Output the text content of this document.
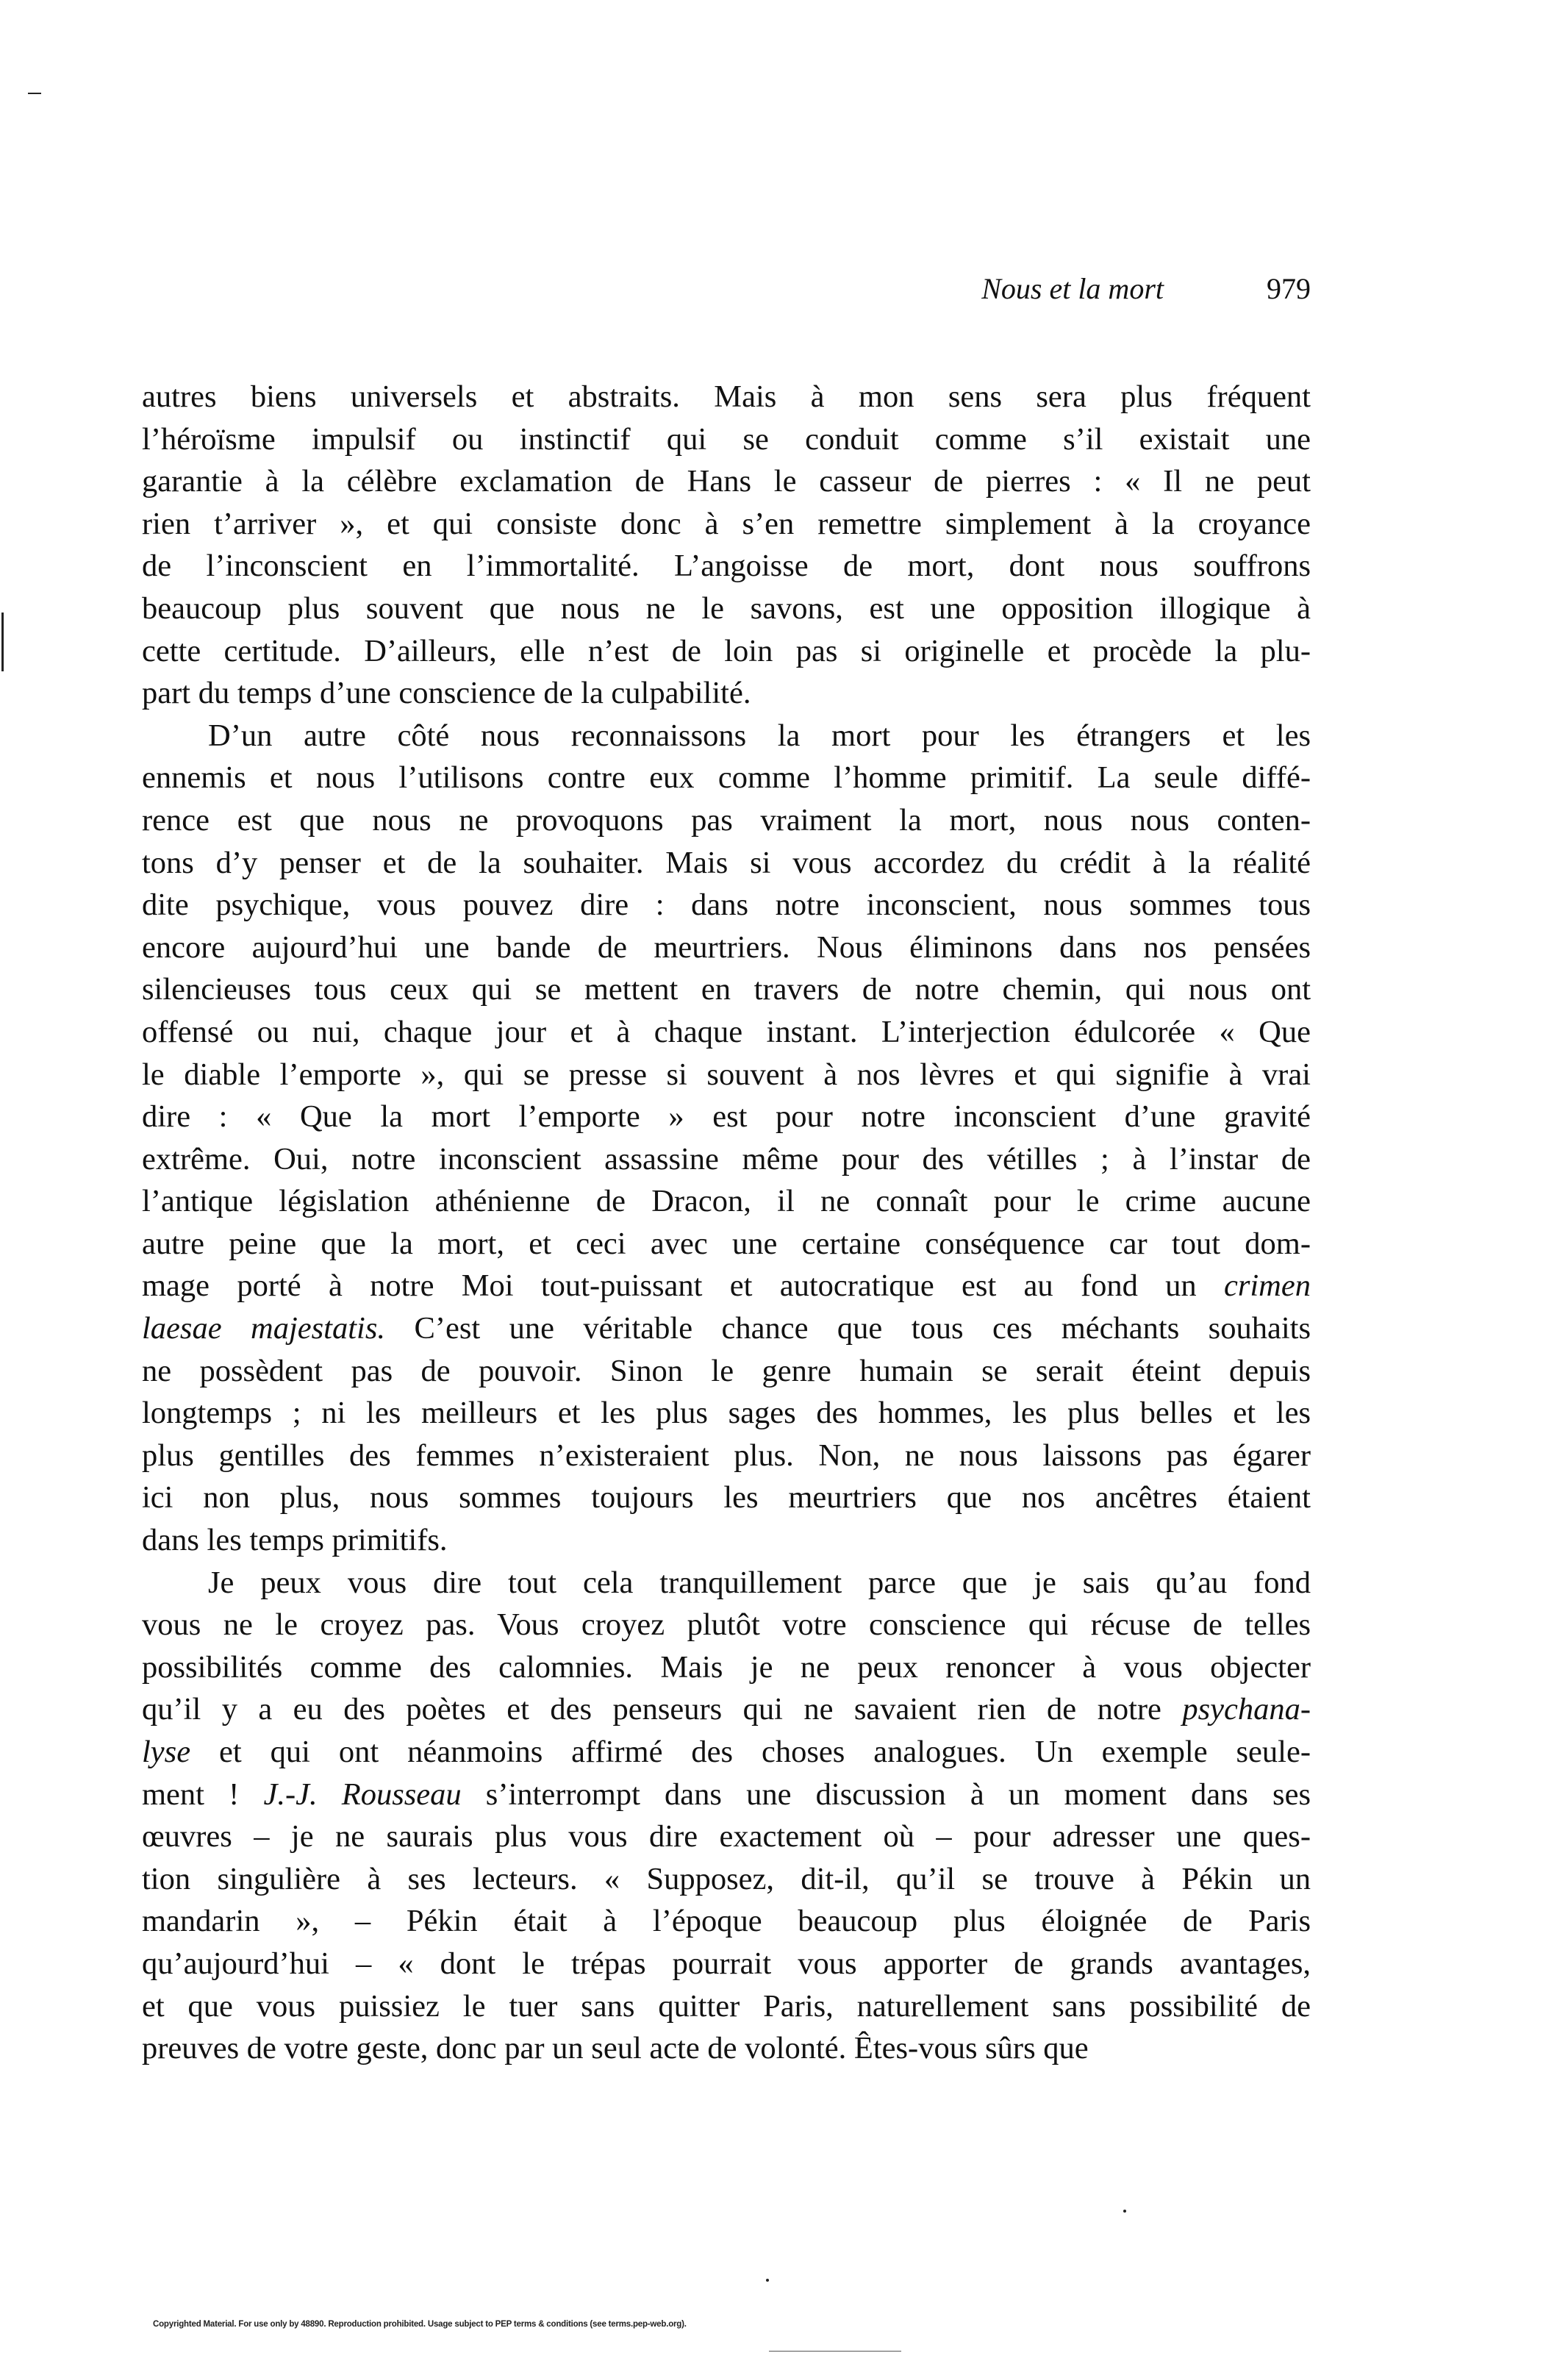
Nous et la mort	979

autres biens universels et abstraits. Mais à mon sens sera plus fréquent
l’héroïsme impulsif ou instinctif qui se conduit comme s’il existait une
garantie à la célèbre exclamation de Hans le casseur de pierres : « Il ne peut
rien t’arriver », et qui consiste donc à s’en remettre simplement à la croyance
de l’inconscient en l’immortalité. L’angoisse de mort, dont nous souffrons
beaucoup plus souvent que nous ne le savons, est une opposition illogique à
cette certitude. D’ailleurs, elle n’est de loin pas si originelle et procède la plu-
part du temps d’une conscience de la culpabilité.

D’un autre côté nous reconnaissons la mort pour les étrangers et les
ennemis et nous l’utilisons contre eux comme l’homme primitif. La seule diffé-
rence est que nous ne provoquons pas vraiment la mort, nous nous conten-
tons d’y penser et de la souhaiter. Mais si vous accordez du crédit à la réalité
dite psychique, vous pouvez dire : dans notre inconscient, nous sommes tous
encore aujourd’hui une bande de meurtriers. Nous éliminons dans nos pensées
silencieuses tous ceux qui se mettent en travers de notre chemin, qui nous ont
offensé ou nui, chaque jour et à chaque instant. L’interjection édulcorée « Que
le diable l’emporte », qui se presse si souvent à nos lèvres et qui signifie à vrai
dire : « Que la mort l’emporte » est pour notre inconscient d’une gravité
extrême. Oui, notre inconscient assassine même pour des vétilles ; à l’instar de
l’antique législation athénienne de Dracon, il ne connaît pour le crime aucune
autre peine que la mort, et ceci avec une certaine conséquence car tout dom-
mage porté à notre Moi tout-puissant et autocratique est au fond un crimen
laesae majestatis. C’est une véritable chance que tous ces méchants souhaits
ne possèdent pas de pouvoir. Sinon le genre humain se serait éteint depuis
longtemps ; ni les meilleurs et les plus sages des hommes, les plus belles et les
plus gentilles des femmes n’existeraient plus. Non, ne nous laissons pas égarer
ici non plus, nous sommes toujours les meurtriers que nos ancêtres étaient
dans les temps primitifs.

Je peux vous dire tout cela tranquillement parce que je sais qu’au fond
vous ne le croyez pas. Vous croyez plutôt votre conscience qui récuse de telles
possibilités comme des calomnies. Mais je ne peux renoncer à vous objecter
qu’il y a eu des poètes et des penseurs qui ne savaient rien de notre psychana-
lyse et qui ont néanmoins affirmé des choses analogues. Un exemple seule-
ment ! J.-J. Rousseau s’interrompt dans une discussion à un moment dans ses
œuvres – je ne saurais plus vous dire exactement où – pour adresser une ques-
tion singulière à ses lecteurs. « Supposez, dit-il, qu’il se trouve à Pékin un
mandarin », – Pékin était à l’époque beaucoup plus éloignée de Paris
qu’aujourd’hui – « dont le trépas pourrait vous apporter de grands avantages,
et que vous puissiez le tuer sans quitter Paris, naturellement sans possibilité de
preuves de votre geste, donc par un seul acte de volonté. Êtes-vous sûrs que

Copyrighted Material. For use only by 48890. Reproduction prohibited. Usage subject to PEP terms & conditions (see terms.pep-web.org).
